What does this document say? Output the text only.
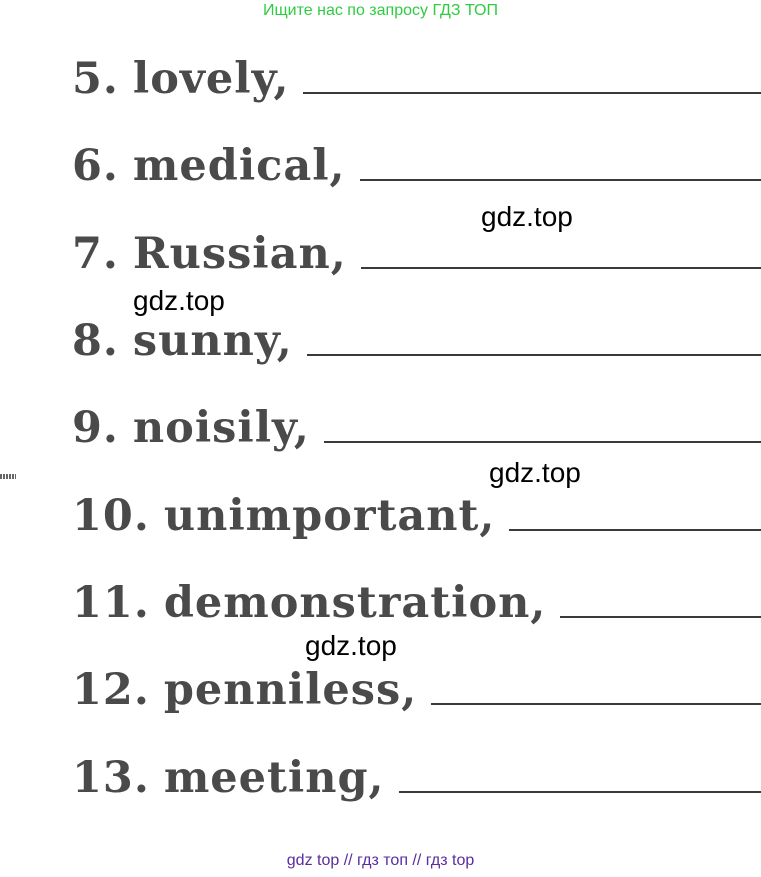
Ищите нас по запросу ГДЗ ТОП
5. lovely,
6. medical,
7. Russian,
8. sunny,
9. noisily,
10. unimportant,
11. demonstration,
12. penniless,
13. meeting,
gdz.top
gdz.top
gdz.top
gdz.top
gdz top // гдз топ // гдз top
